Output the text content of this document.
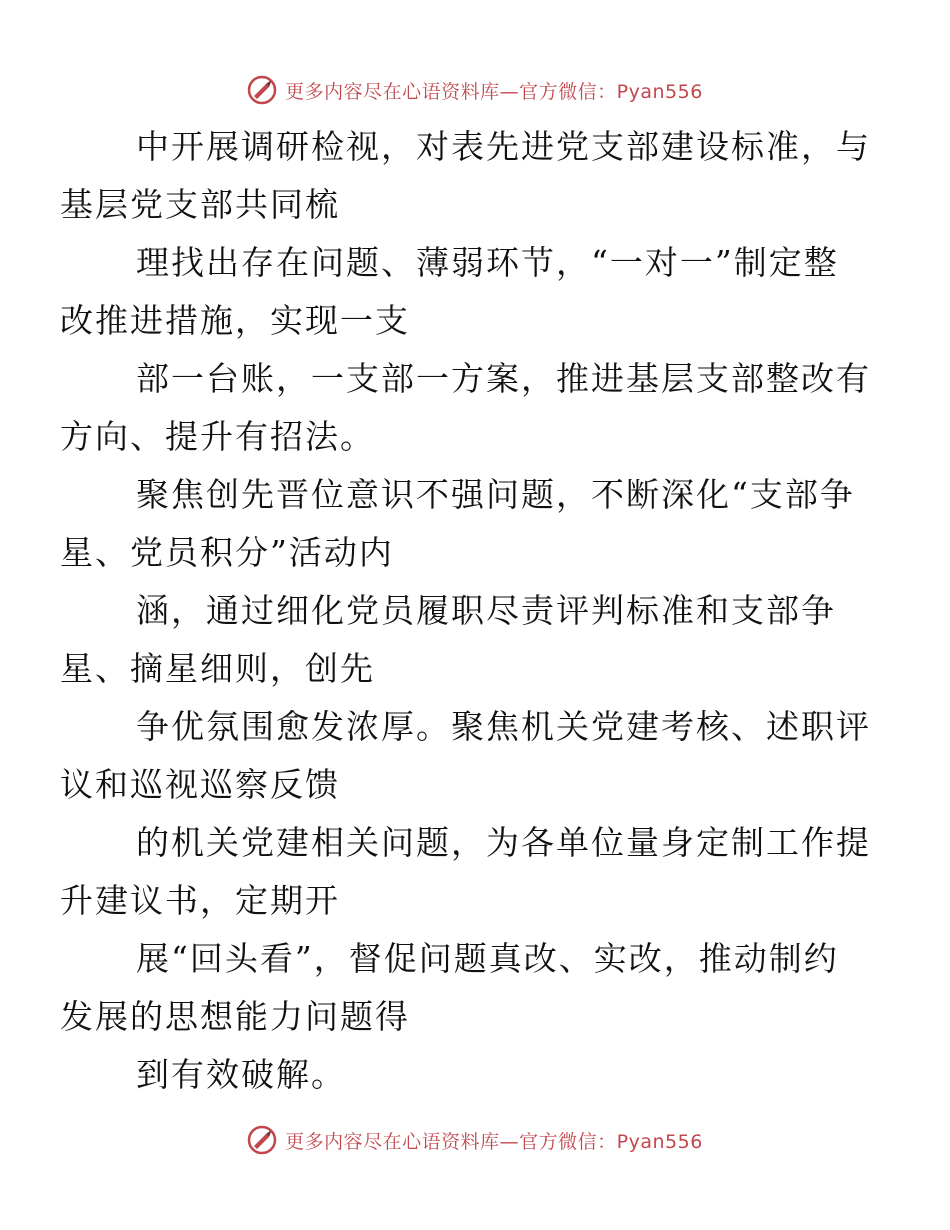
更多内容尽在心语资料库—官方微信：Pyan556

中开展调研检视，对表先进党支部建设标准，与
基层党支部共同梳

理找出存在问题、薄弱环节，“一对一”制定整
改推进措施，实现一支

部一台账，一支部一方案，推进基层支部整改有
方向、提升有招法。

聚焦创先晋位意识不强问题，不断深化“支部争
星、党员积分”活动内

涵，通过细化党员履职尽责评判标准和支部争
星、摘星细则，创先

争优氛围愈发浓厚。聚焦机关党建考核、述职评
议和巡视巡察反馈

的机关党建相关问题，为各单位量身定制工作提
升建议书，定期开

展“回头看”，督促问题真改、实改，推动制约
发展的思想能力问题得

到有效破解。

更多内容尽在心语资料库—官方微信：Pyan556
